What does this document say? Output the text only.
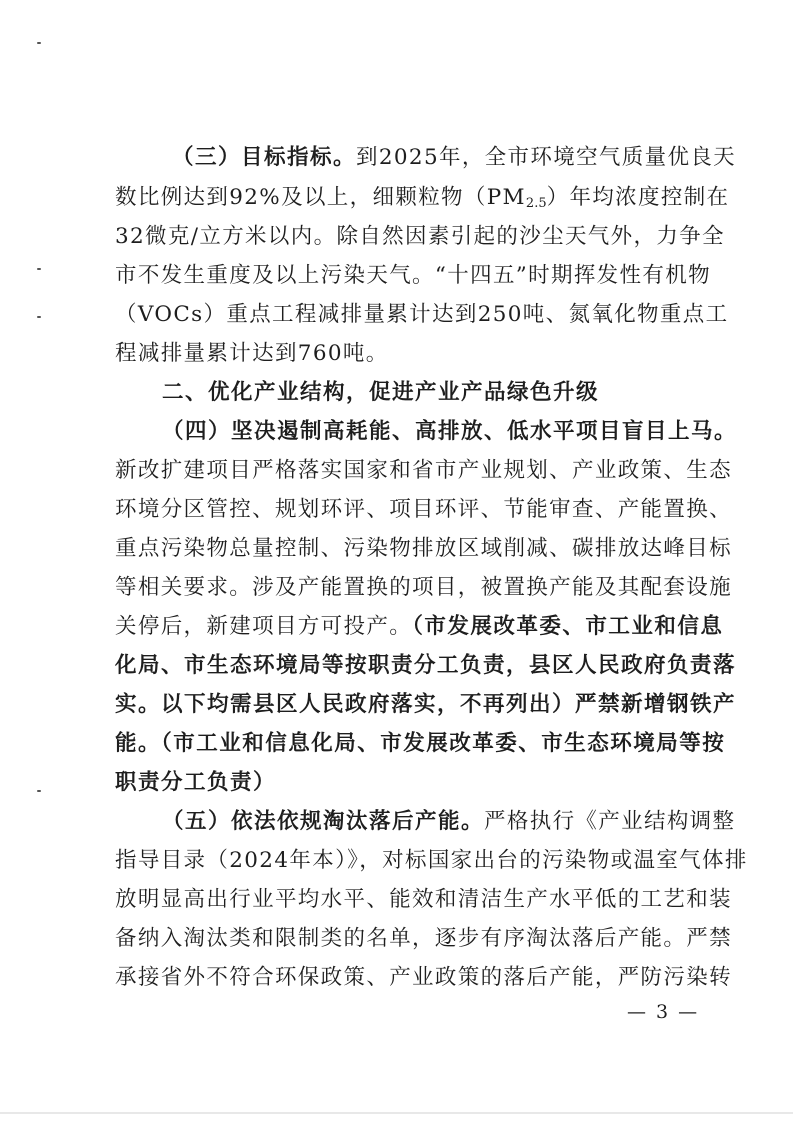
（三）目标指标。到2025年，全市环境空气质量优良天
数比例达到92%及以上，细颗粒物$(PM_{2.5})$年均浓度控制在
32微克/立方米以内。除自然因素引起的沙尘天气外，力争全
市不发生重度及以上污染天气。“十四五”时期挥发性有机物
（VOCs）重点工程减排量累计达到250吨、氮氧化物重点工
程减排量累计达到760吨。
二、优化产业结构，促进产业产品绿色升级
（四）坚决遏制高耗能、高排放、低水平项目盲目上马。
新改扩建项目严格落实国家和省市产业规划、产业政策、生态
环境分区管控、规划环评、项目环评、节能审查、产能置换、
重点污染物总量控制、污染物排放区域削减、碳排放达峰目标
等相关要求。涉及产能置换的项目，被置换产能及其配套设施
关停后，新建项目方可投产。（市发展改革委、市工业和信息
化局、市生态环境局等按职责分工负责，县区人民政府负责落
实。以下均需县区人民政府落实，不再列出）严禁新增钢铁产
能。（市工业和信息化局、市发展改革委、市生态环境局等按
职责分工负责）
（五）依法依规淘汰落后产能。严格执行《产业结构调整
指导目录（2024年本）》，对标国家出台的污染物或温室气体排
放明显高出行业平均水平、能效和清洁生产水平低的工艺和装
备纳入淘汰类和限制类的名单，逐步有序淘汰落后产能。严禁
承接省外不符合环保政策、产业政策的落后产能，严防污染转
— 3 —
